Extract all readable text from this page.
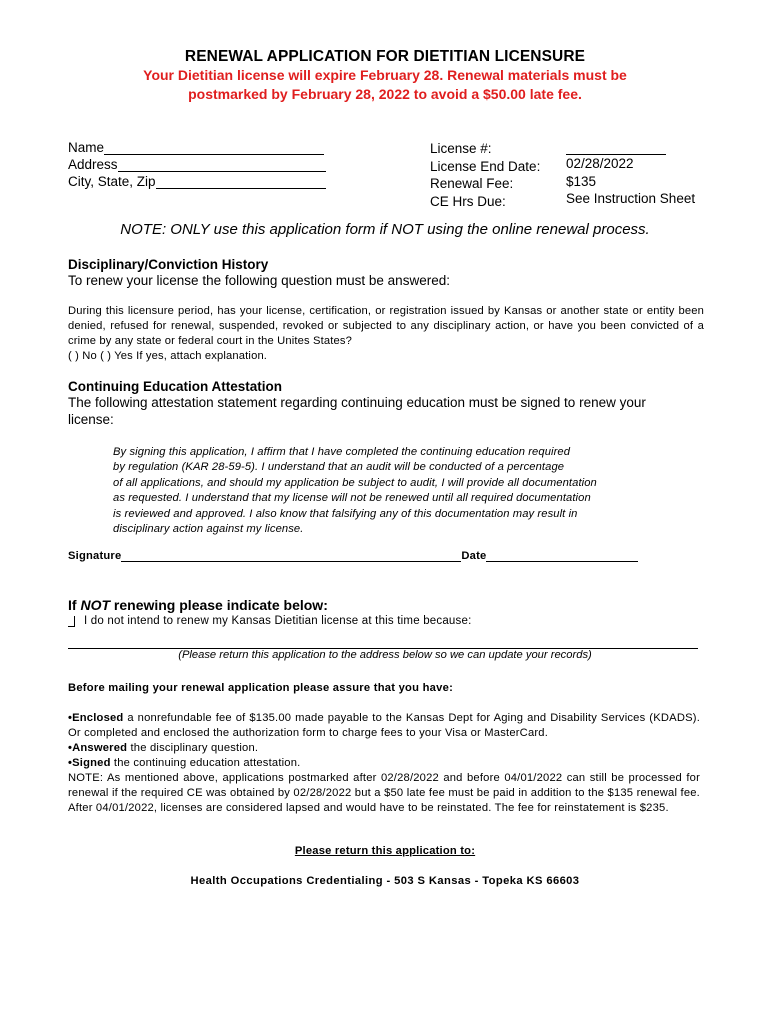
RENEWAL APPLICATION FOR DIETITIAN LICENSURE
Your Dietitian license will expire February 28. Renewal materials must be
postmarked by February 28, 2022 to avoid a $50.00 late fee.
Name
Address
City, State, Zip
License #:
License End Date:
Renewal Fee:
CE Hrs Due:
02/28/2022
$135
See Instruction Sheet
NOTE: ONLY use this application form if NOT using the online renewal process.
Disciplinary/Conviction History
To renew your license the following question must be answered:
During this licensure period, has your license, certification, or registration issued by Kansas or another state or entity been denied, refused for renewal, suspended, revoked or subjected to any disciplinary action, or have you been convicted of a crime by any state or federal court in the Unites States?
( ) No ( ) Yes If yes, attach explanation.
Continuing Education Attestation
The following attestation statement regarding continuing education must be signed to renew your
license:
By signing this application, I affirm that I have completed the continuing education required
by regulation (KAR 28-59-5). I understand that an audit will be conducted of a percentage
of all applications, and should my application be subject to audit, I will provide all documentation
as requested. I understand that my license will not be renewed until all required documentation
is reviewed and approved. I also know that falsifying any of this documentation may result in
disciplinary action against my license.
Signature	Date
If NOT renewing please indicate below:
I do not intend to renew my Kansas Dietitian license at this time because:
(Please return this application to the address below so we can update your records)
Before mailing your renewal application please assure that you have:

•Enclosed a nonrefundable fee of $135.00 made payable to the Kansas Dept for Aging and Disability Services (KDADS). Or completed and enclosed the authorization form to charge fees to your Visa or MasterCard.

•Answered the disciplinary question.

•Signed the continuing education attestation.

NOTE: As mentioned above, applications postmarked after 02/28/2022 and before 04/01/2022 can still be processed for renewal if the required CE was obtained by 02/28/2022 but a $50 late fee must be paid in addition to the $135 renewal fee. After 04/01/2022, licenses are considered lapsed and would have to be reinstated. The fee for reinstatement is $235.

Please return this application to:
Health Occupations Credentialing - 503 S Kansas - Topeka KS 66603
